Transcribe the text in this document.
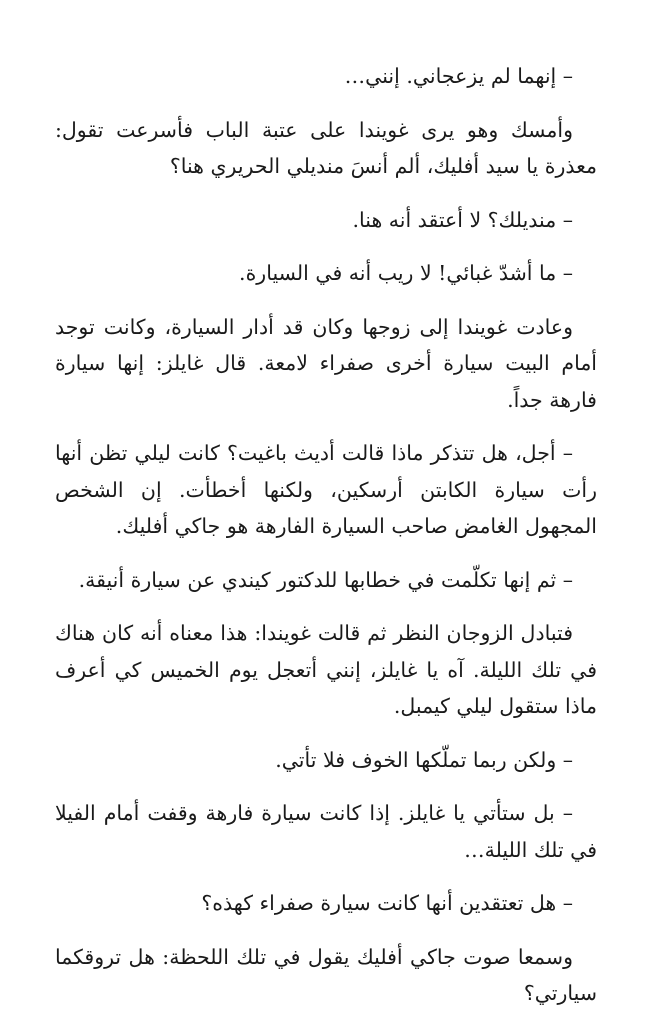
– إنهما لم يزعجاني. إنني…

وأمسك وهو يرى غويندا على عتبة الباب فأسرعت تقول: معذرة يا سيد أفليك، ألم أنسَ منديلي الحريري هنا؟

– منديلك؟ لا أعتقد أنه هنا.

– ما أشدّ غبائي! لا ريب أنه في السيارة.

وعادت غويندا إلى زوجها وكان قد أدار السيارة، وكانت توجد أمام البيت سيارة أخرى صفراء لامعة. قال غايلز: إنها سيارة فارهة جداً.

– أجل، هل تتذكر ماذا قالت أديث باغيت؟ كانت ليلي تظن أنها رأت سيارة الكابتن أرسكين، ولكنها أخطأت. إن الشخص المجهول الغامض صاحب السيارة الفارهة هو جاكي أفليك.

– ثم إنها تكلّمت في خطابها للدكتور كيندي عن سيارة أنيقة.

فتبادل الزوجان النظر ثم قالت غويندا: هذا معناه أنه كان هناك في تلك الليلة. آه يا غايلز، إنني أتعجل يوم الخميس كي أعرف ماذا ستقول ليلي كيمبل.

– ولكن ربما تملّكها الخوف فلا تأتي.

– بل ستأتي يا غايلز. إذا كانت سيارة فارهة وقفت أمام الفيلا في تلك الليلة…

– هل تعتقدين أنها كانت سيارة صفراء كهذه؟

وسمعا صوت جاكي أفليك يقول في تلك اللحظة: هل تروقكما سيارتي؟
